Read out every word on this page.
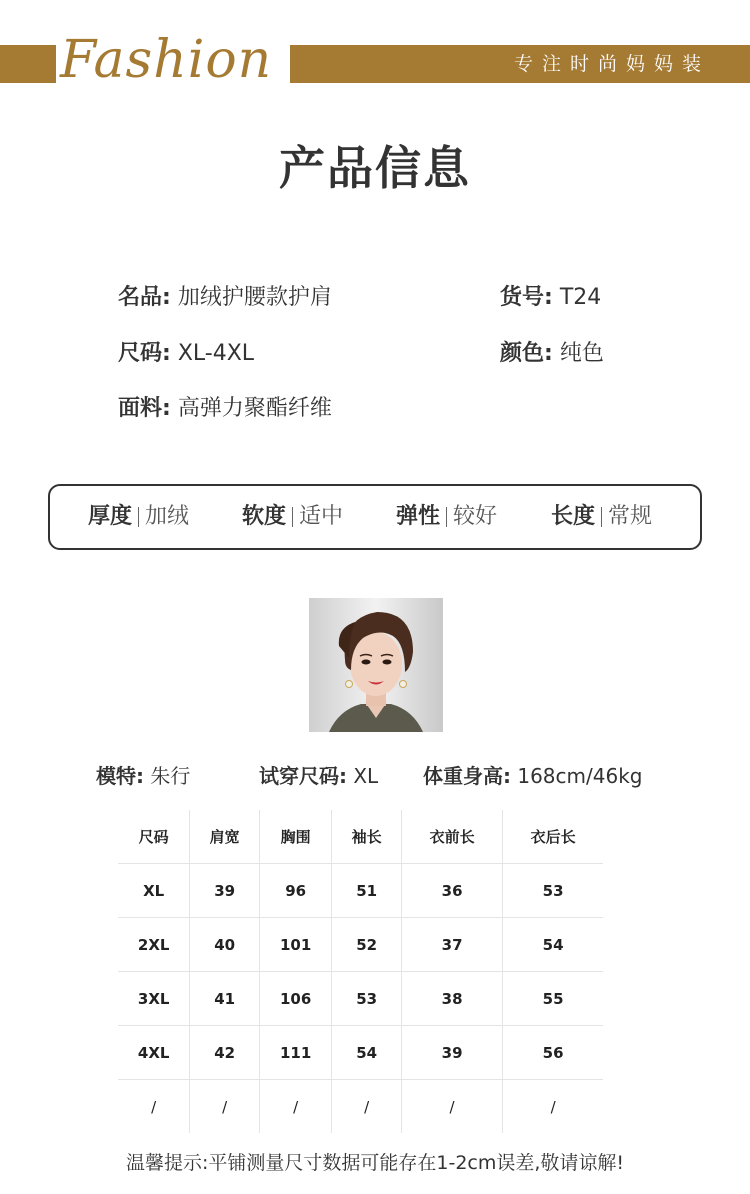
Fashion	专注时尚妈妈装
产品信息
名品: 加绒护腰款护肩	货号: T24
尺码: XL-4XL	颜色: 纯色
面料: 高弹力聚酯纤维
厚度 加绒 软度 适中 弹性 较好 长度 常规
模特: 朱行	试穿尺码: XL 体重身高: 168cm/46kg
尺码	肩宽	胸围	袖长	衣前长	衣后长
XL	39	96	51	36	53
2XL	40	101	52	37	54
3XL	41	106	53	38	55
4XL	42	111	54	39	56
/	/	/	/	/	/
温馨提示:平铺测量尺寸数据可能存在1-2cm误差,敬请谅解!
